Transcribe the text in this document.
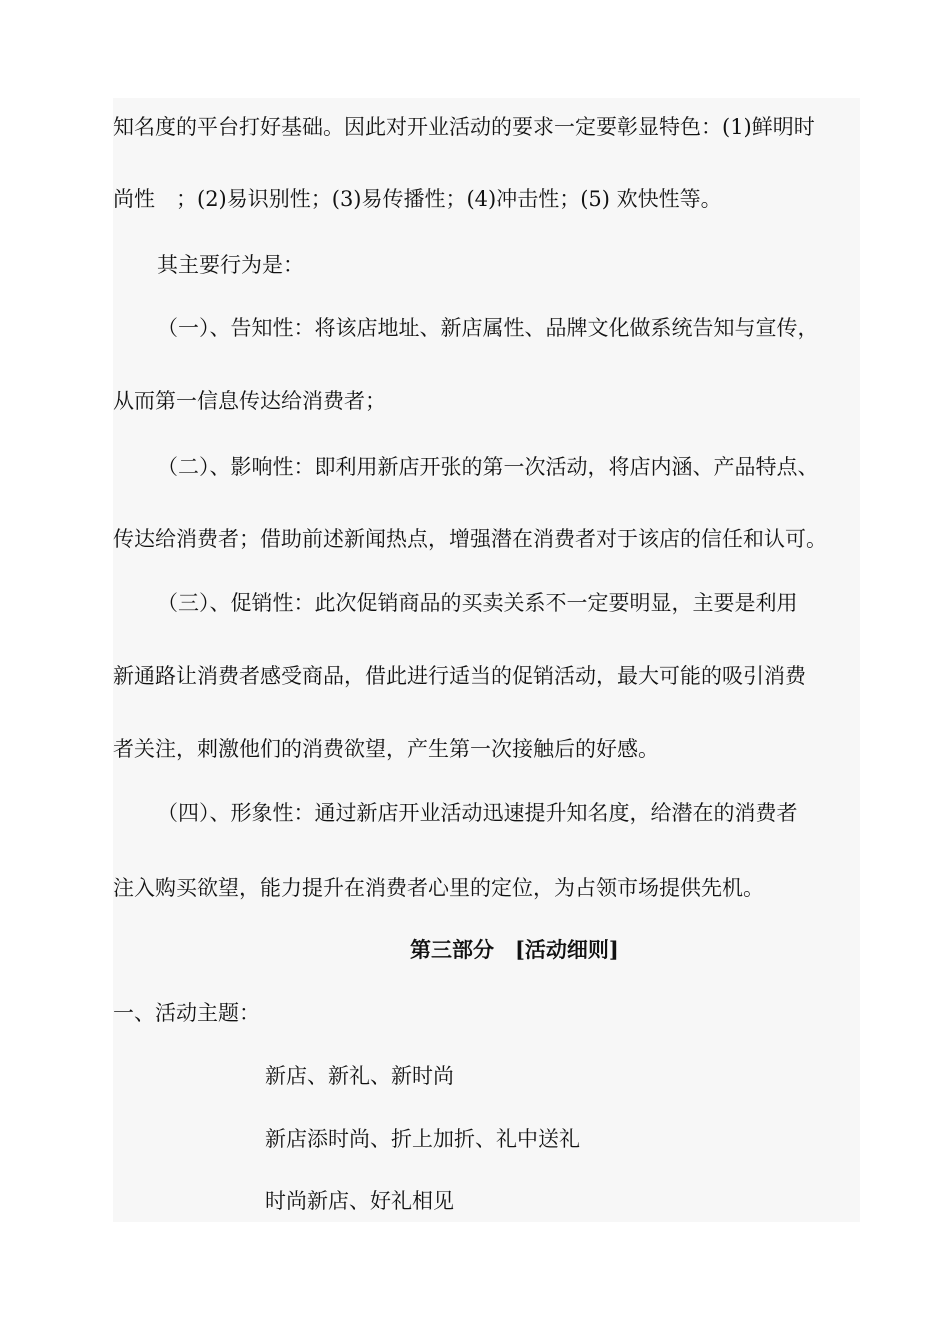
知名度的平台打好基础。因此对开业活动的要求一定要彰显特色：(1)鲜明时
尚性　；(2)易识别性；(3)易传播性；(4)冲击性；(5) 欢快性等。
其主要行为是：
（一）、告知性：将该店地址、新店属性、品牌文化做系统告知与宣传，
从而第一信息传达给消费者；
（二）、影响性：即利用新店开张的第一次活动，将店内涵、产品特点、
传达给消费者；借助前述新闻热点，增强潜在消费者对于该店的信任和认可。
（三）、促销性：此次促销商品的买卖关系不一定要明显，主要是利用
新通路让消费者感受商品，借此进行适当的促销活动，最大可能的吸引消费
者关注，刺激他们的消费欲望，产生第一次接触后的好感。
（四）、形象性：通过新店开业活动迅速提升知名度，给潜在的消费者
注入购买欲望，能力提升在消费者心里的定位，为占领市场提供先机。
第三部分　[活动细则]
一、活动主题：
新店、新礼、新时尚
新店添时尚、折上加折、礼中送礼
时尚新店、好礼相见
